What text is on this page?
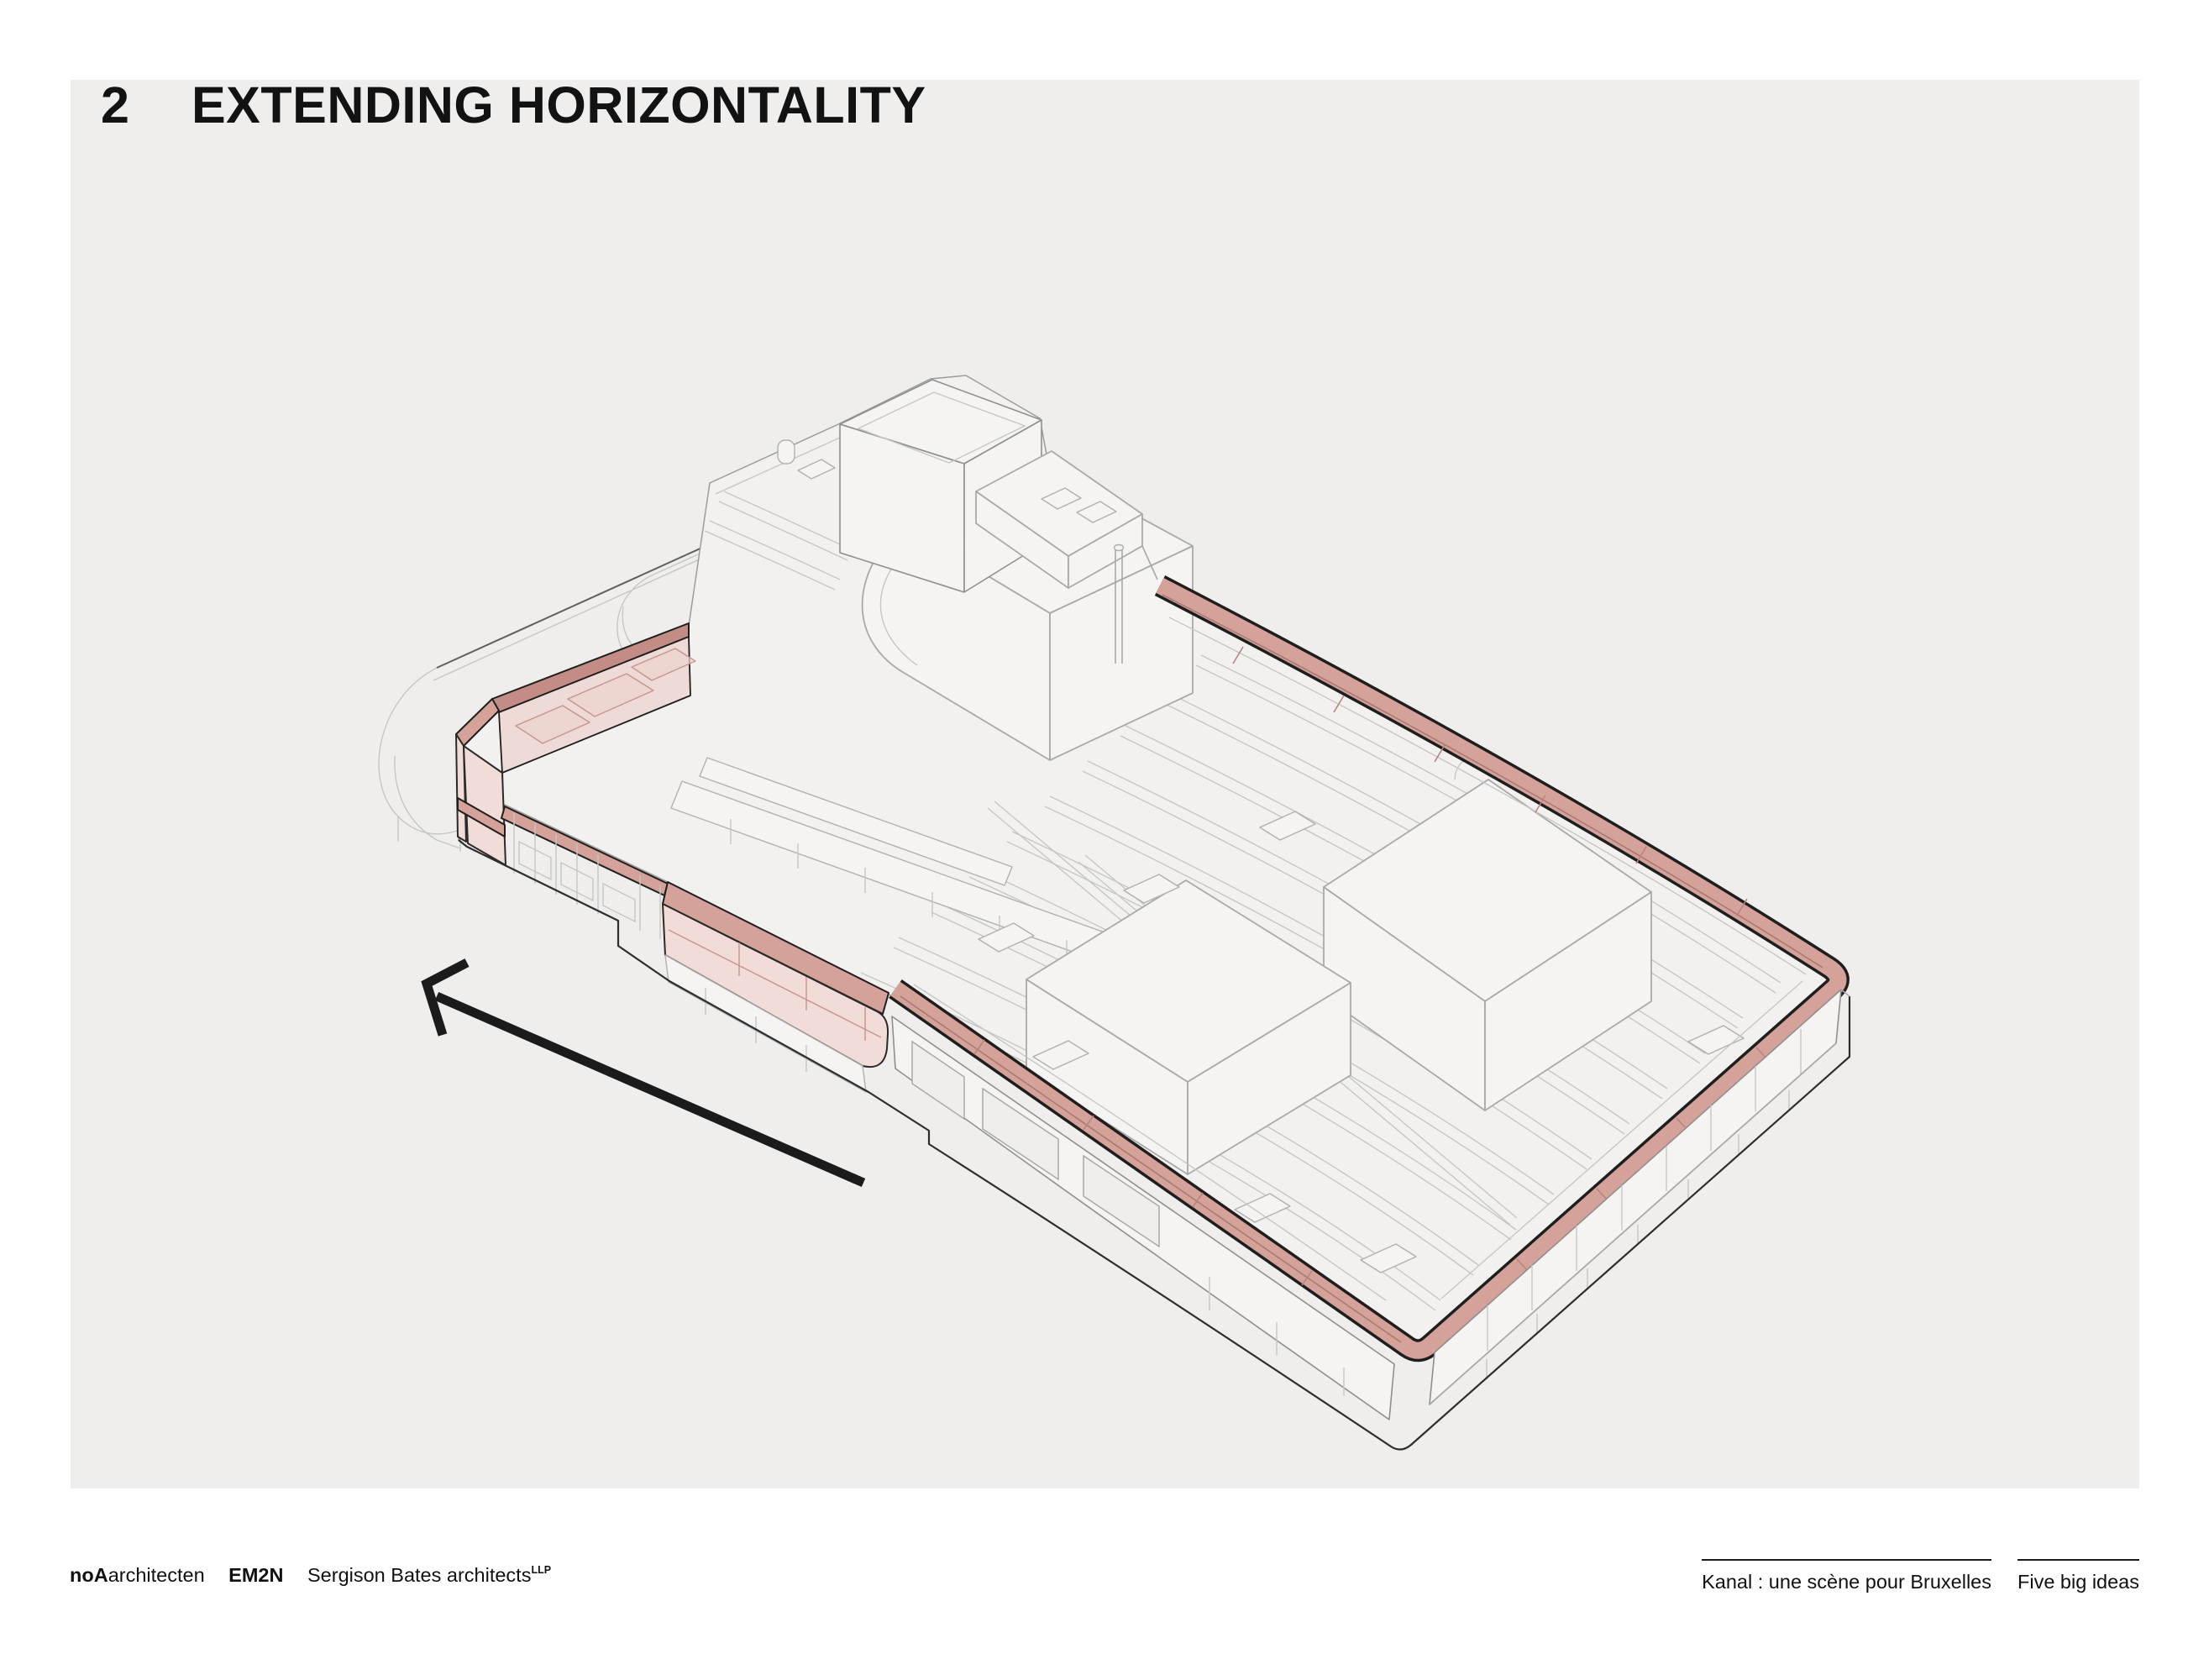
2 EXTENDING HORIZONTALITY
noAarchitecten EM2N Sergison Bates architects$^{LLP}$
Kanal : une scène pour Bruxelles Five big ideas
